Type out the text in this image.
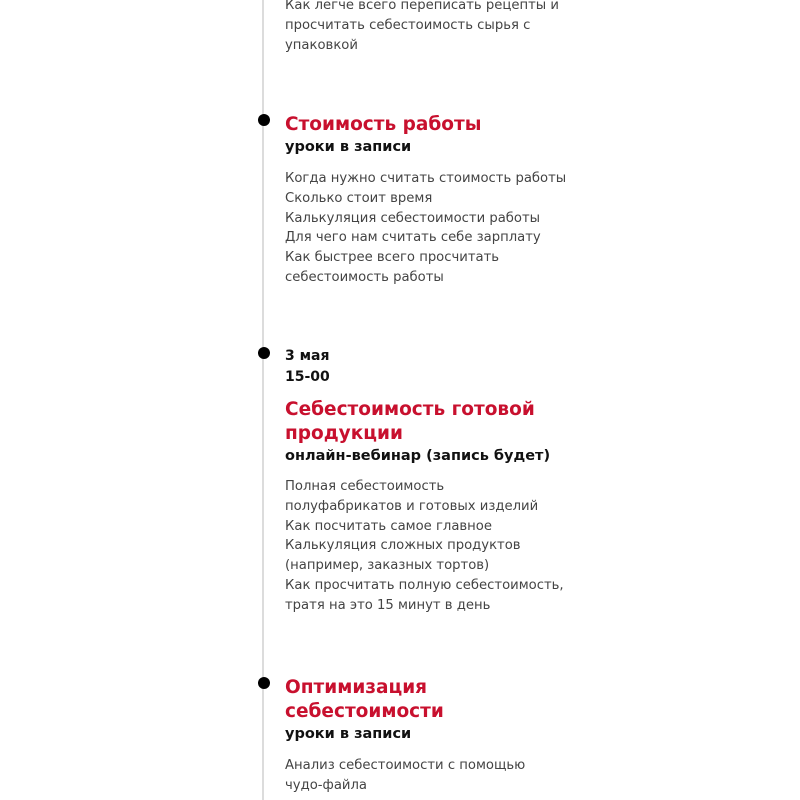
Как легче всего переписать рецепты и
просчитать себестоимость сырья с
упаковкой
Стоимость работы
уроки в записи
Когда нужно считать стоимость работы
Сколько стоит время
Калькуляция себестоимости работы
Для чего нам считать себе зарплату
Как быстрее всего просчитать
себестоимость работы
3 мая
15-00
Себестоимость готовой
продукции
онлайн-вебинар (запись будет)
Полная себестоимость
полуфабрикатов и готовых изделий
Как посчитать самое главное
Калькуляция сложных продуктов
(например, заказных тортов)
Как просчитать полную себестоимость,
тратя на это 15 минут в день
Оптимизация
себестоимости
уроки в записи
Анализ себестоимости с помощью
чудо-файла
